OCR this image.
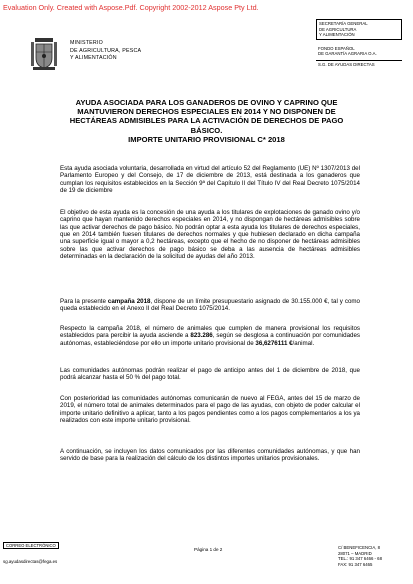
Evaluation Only. Created with Aspose.Pdf. Copyright 2002-2012 Aspose Pty Ltd.
MINISTERIO
DE AGRICULTURA, PESCA
Y ALIMENTACIÓN
SECRETARÍA GENERAL
DE AGRICULTURA
Y ALIMENTACIÓN
FONDO ESPAÑOL
DE GARANTÍA AGRARIA O.A.
S.G. DE AYUDAS DIRECTAS
AYUDA ASOCIADA PARA LOS GANADEROS DE OVINO Y CAPRINO QUE
MANTUVIERON DERECHOS ESPECIALES EN 2014 Y NO DISPONEN DE
HECTÁREAS ADMISIBLES PARA LA ACTIVACIÓN DE DERECHOS DE PAGO
BÁSICO.
IMPORTE UNITARIO PROVISIONAL C* 2018
Esta ayuda asociada voluntaria, desarrollada en virtud del artículo 52 del Reglamento (UE) Nº 1307/2013 del Parlamento Europeo y del Consejo, de 17 de diciembre de 2013, está destinada a los ganaderos que cumplan los requisitos establecidos en la Sección 9ª del Capítulo II del Título IV del Real Decreto 1075/2014 de 19 de diciembre
El objetivo de esta ayuda es la concesión de una ayuda a los titulares de explotaciones de ganado ovino y/o caprino que hayan mantenido derechos especiales en 2014, y no dispongan de hectáreas admisibles sobre las que activar derechos de pago básico. No podrán optar a esta ayuda los titulares de derechos especiales, que en 2014 también fuesen titulares de derechos normales y que hubiesen declarado en dicha campaña una superficie igual o mayor a 0,2 hectáreas, excepto que el hecho de no disponer de hectáreas admisibles sobre las que activar derechos de pago básico se deba a las ausencia de hectáreas admisibles determinadas en la declaración de la solicitud de ayudas del año 2013.
Para la presente campaña 2018, dispone de un límite presupuestario asignado de 30.155.000 €, tal y como queda establecido en el Anexo II del Real Decreto 1075/2014.
Respecto la campaña 2018, el número de animales que cumplen de manera provisional los requisitos establecidos para percibir la ayuda asciende a 823.286, según se desglosa a continuación por comunidades autónomas, estableciéndose por ello un importe unitario provisional de 36,6276111 €/animal.
Las comunidades autónomas podrán realizar el pago de anticipo antes del 1 de diciembre de 2018, que podrá alcanzar hasta el 50 % del pago total.
Con posterioridad las comunidades autónomas comunicarán de nuevo al FEGA, antes del 15 de marzo de 2019, el número total de animales determinados para el pago de las ayudas, con objeto de poder calcular el importe unitario definitivo a aplicar, tanto a los pagos pendientes como a los pagos complementarios a los ya realizados con este importe unitario provisional.
A continuación, se incluyen los datos comunicados por las diferentes comunidades autónomas, y que han servido de base para la realización del cálculo de los distintos importes unitarios provisionales.
CORREO ELECTRÓNICO
sg.ayudasdirectas@fega.es
Página 1 de 2	C/ BENEFICENCIA, 8
28071 – MADRID
TEL.: 91 347 6466 - 68
FAX: 91 347 6465
